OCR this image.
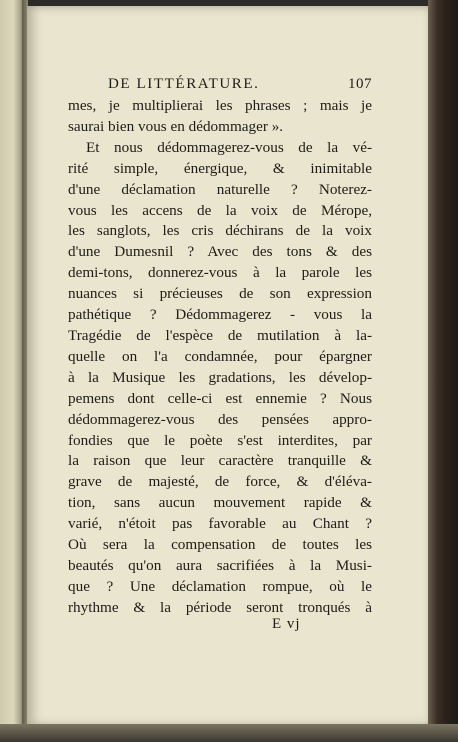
DE LITTÉRATURE.	107
mes, je multiplierai les phrases ; mais je
saurai bien vous en dédommager ».
Et nous dédommagerez-vous de la vé-
rité simple, énergique, & inimitable
d'une déclamation naturelle ? Noterez-
vous les accens de la voix de Mérope,
les sanglots, les cris déchirans de la voix
d'une Dumesnil ? Avec des tons & des
demi-tons, donnerez-vous à la parole les
nuances si précieuses de son expression
pathétique ? Dédommagerez - vous la
Tragédie de l'espèce de mutilation à la-
quelle on l'a condamnée, pour épargner
à la Musique les gradations, les dévelop-
pemens dont celle-ci est ennemie ? Nous
dédommagerez-vous des pensées appro-
fondies que le poète s'est interdites, par
la raison que leur caractère tranquille &
grave de majesté, de force, & d'éléva-
tion, sans aucun mouvement rapide &
varié, n'étoit pas favorable au Chant ?
Où sera la compensation de toutes les
beautés qu'on aura sacrifiées à la Musi-
que ? Une déclamation rompue, où le
rhythme & la période seront tronqués à
E vj
